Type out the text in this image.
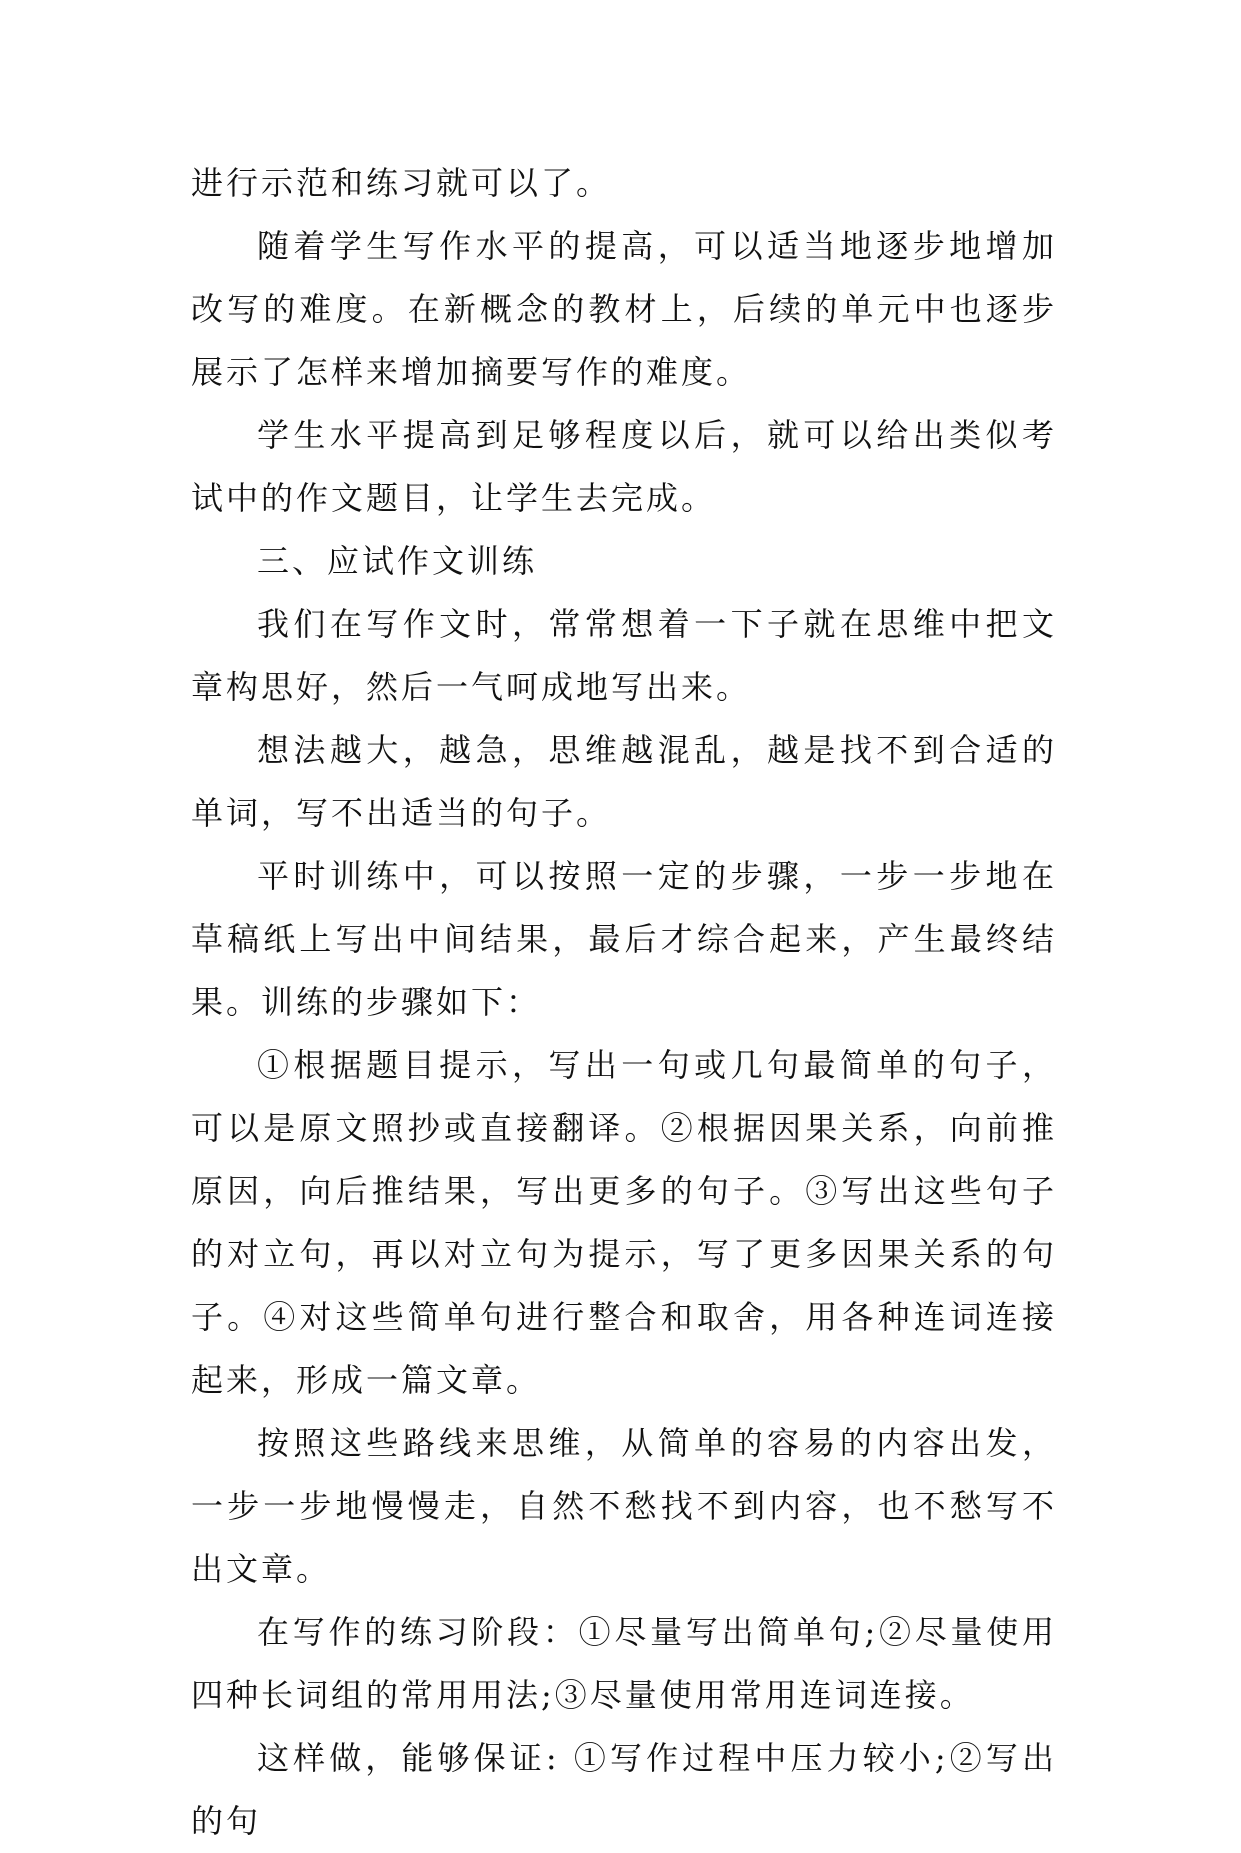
进行示范和练习就可以了。

随着学生写作水平的提高，可以适当地逐步地增加改写的难度。在新概念的教材上，后续的单元中也逐步展示了怎样来增加摘要写作的难度。

学生水平提高到足够程度以后，就可以给出类似考试中的作文题目，让学生去完成。

三、应试作文训练

我们在写作文时，常常想着一下子就在思维中把文章构思好，然后一气呵成地写出来。

想法越大，越急，思维越混乱，越是找不到合适的单词，写不出适当的句子。

平时训练中，可以按照一定的步骤，一步一步地在草稿纸上写出中间结果，最后才综合起来，产生最终结果。训练的步骤如下：

①根据题目提示，写出一句或几句最简单的句子，可以是原文照抄或直接翻译。②根据因果关系，向前推原因，向后推结果，写出更多的句子。③写出这些句子的对立句，再以对立句为提示，写了更多因果关系的句子。④对这些简单句进行整合和取舍，用各种连词连接起来，形成一篇文章。

按照这些路线来思维，从简单的容易的内容出发，一步一步地慢慢走，自然不愁找不到内容，也不愁写不出文章。

在写作的练习阶段：①尽量写出简单句;②尽量使用四种长词组的常用用法;③尽量使用常用连词连接。

这样做，能够保证: ①写作过程中压力较小;②写出的句
